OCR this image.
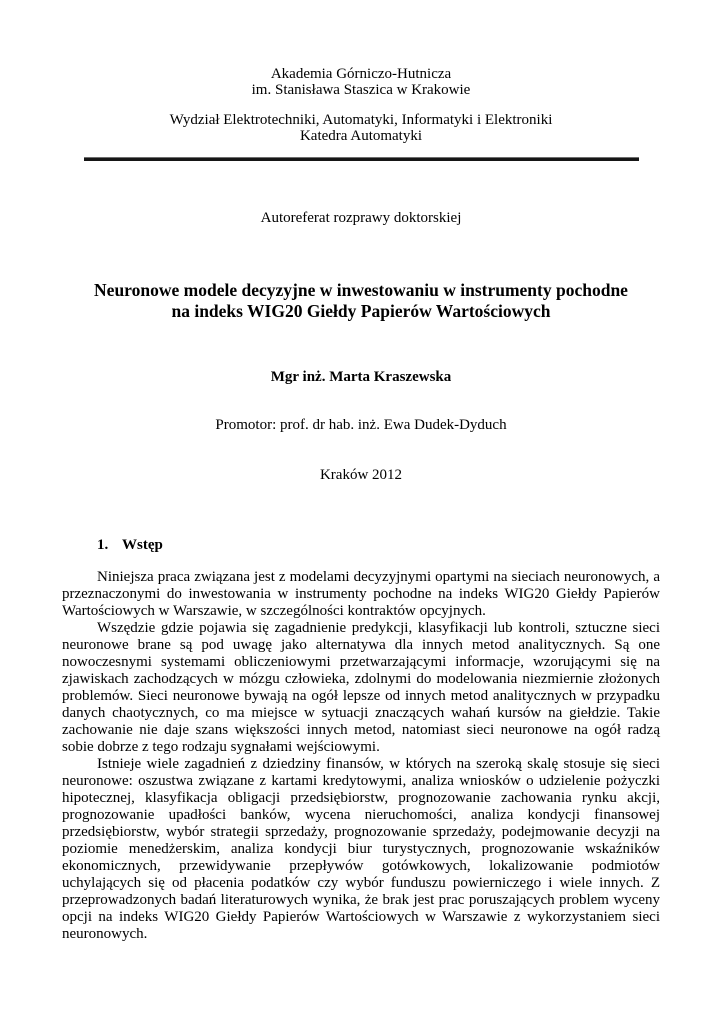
Akademia Górniczo-Hutnicza
im. Stanisława Staszica w Krakowie
Wydział Elektrotechniki, Automatyki, Informatyki i Elektroniki
Katedra Automatyki
Autoreferat rozprawy doktorskiej
Neuronowe modele decyzyjne w inwestowaniu w instrumenty pochodne
na indeks WIG20 Giełdy Papierów Wartościowych
Mgr inż. Marta Kraszewska
Promotor: prof. dr hab. inż. Ewa Dudek-Dyduch
Kraków 2012
1. Wstęp

Niniejsza praca związana jest z modelami decyzyjnymi opartymi na sieciach neuronowych, a przeznaczonymi do inwestowania w instrumenty pochodne na indeks WIG20 Giełdy Papierów Wartościowych w Warszawie, w szczególności kontraktów opcyjnych.

Wszędzie gdzie pojawia się zagadnienie predykcji, klasyfikacji lub kontroli, sztuczne sieci neuronowe brane są pod uwagę jako alternatywa dla innych metod analitycznych. Są one nowoczesnymi systemami obliczeniowymi przetwarzającymi informacje, wzorującymi się na zjawiskach zachodzących w mózgu człowieka, zdolnymi do modelowania niezmiernie złożonych problemów. Sieci neuronowe bywają na ogół lepsze od innych metod analitycznych w przypadku danych chaotycznych, co ma miejsce w sytuacji znaczących wahań kursów na giełdzie. Takie zachowanie nie daje szans większości innych metod, natomiast sieci neuronowe na ogół radzą sobie dobrze z tego rodzaju sygnałami wejściowymi.

Istnieje wiele zagadnień z dziedziny finansów, w których na szeroką skalę stosuje się sieci neuronowe: oszustwa związane z kartami kredytowymi, analiza wniosków o udzielenie pożyczki hipotecznej, klasyfikacja obligacji przedsiębiorstw, prognozowanie zachowania rynku akcji, prognozowanie upadłości banków, wycena nieruchomości, analiza kondycji finansowej przedsiębiorstw, wybór strategii sprzedaży, prognozowanie sprzedaży, podejmowanie decyzji na poziomie menedżerskim, analiza kondycji biur turystycznych, prognozowanie wskaźników ekonomicznych, przewidywanie przepływów gotówkowych, lokalizowanie podmiotów uchylających się od płacenia podatków czy wybór funduszu powierniczego i wiele innych. Z przeprowadzonych badań literaturowych wynika, że brak jest prac poruszających problem wyceny opcji na indeks WIG20 Giełdy Papierów Wartościowych w Warszawie z wykorzystaniem sieci neuronowych.
